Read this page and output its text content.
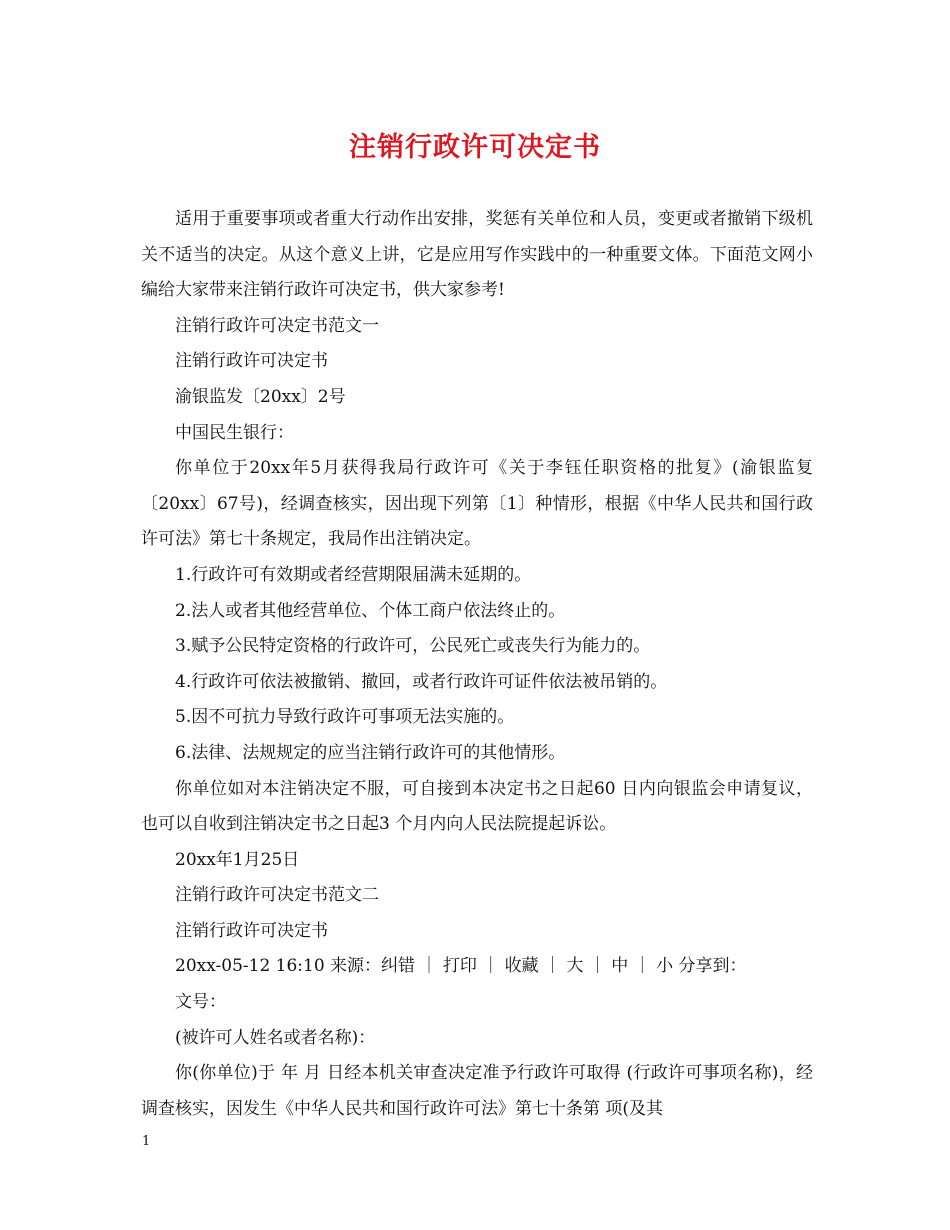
注销行政许可决定书

适用于重要事项或者重大行动作出安排，奖惩有关单位和人员，变更或者撤销下级机关不适当的决定。从这个意义上讲，它是应用写作实践中的一种重要文体。下面范文网小编给大家带来注销行政许可决定书，供大家参考!

注销行政许可决定书范文一

注销行政许可决定书

渝银监发〔20xx〕2号

中国民生银行：

你单位于20xx年5月获得我局行政许可《关于李钰任职资格的批复》(渝银监复〔20xx〕67号)，经调查核实，因出现下列第〔1〕种情形，根据《中华人民共和国行政许可法》第七十条规定，我局作出注销决定。

1.行政许可有效期或者经营期限届满未延期的。

2.法人或者其他经营单位、个体工商户依法终止的。

3.赋予公民特定资格的行政许可，公民死亡或丧失行为能力的。

4.行政许可依法被撤销、撤回，或者行政许可证件依法被吊销的。

5.因不可抗力导致行政许可事项无法实施的。

6.法律、法规规定的应当注销行政许可的其他情形。

你单位如对本注销决定不服，可自接到本决定书之日起60 日内向银监会申请复议，也可以自收到注销决定书之日起3 个月内向人民法院提起诉讼。

20xx年1月25日

注销行政许可决定书范文二

注销行政许可决定书

20xx-05-12 16:10 来源：纠错 ｜ 打印 ｜ 收藏 ｜ 大 ｜ 中 ｜ 小 分享到：

文号：

(被许可人姓名或者名称)：

你(你单位)于 年 月 日经本机关审查决定准予行政许可取得 (行政许可事项名称)，经调查核实，因发生《中华人民共和国行政许可法》第七十条第 项(及其

1
